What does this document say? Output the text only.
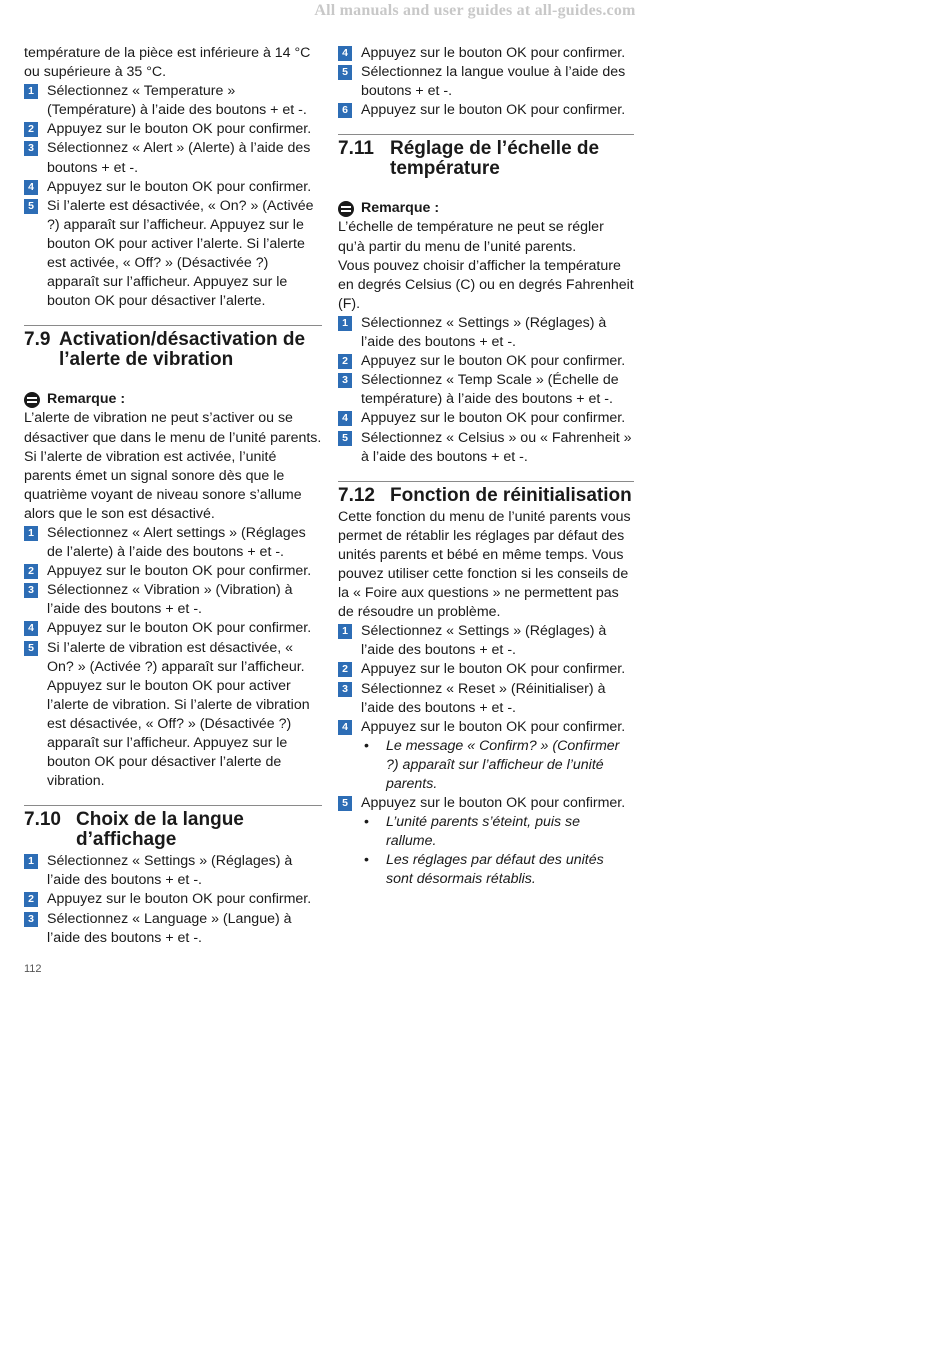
All manuals and user guides at all-guides.com

température de la pièce est inférieure à 14 °C ou supérieure à 35 °C.

1 Sélectionnez « Temperature » (Température) à l’aide des boutons + et -.
2 Appuyez sur le bouton OK pour confirmer.
3 Sélectionnez « Alert » (Alerte) à l’aide des boutons + et -.
4 Appuyez sur le bouton OK pour confirmer.
5 Si l’alerte est désactivée, « On? » (Activée ?) apparaît sur l’afficheur. Appuyez sur le bouton OK pour activer l’alerte. Si l’alerte est activée, « Off? » (Désactivée ?) apparaît sur l’afficheur. Appuyez sur le bouton OK pour désactiver l’alerte.
7.9 Activation/désactivation de l’alerte de vibration
Remarque :

L’alerte de vibration ne peut s’activer ou se désactiver que dans le menu de l’unité parents.

Si l’alerte de vibration est activée, l’unité parents émet un signal sonore dès que le quatrième voyant de niveau sonore s’allume alors que le son est désactivé.

1 Sélectionnez « Alert settings » (Réglages de l’alerte) à l’aide des boutons + et -.
2 Appuyez sur le bouton OK pour confirmer.
3 Sélectionnez « Vibration » (Vibration) à l’aide des boutons + et -.
4 Appuyez sur le bouton OK pour confirmer.
5 Si l’alerte de vibration est désactivée, « On? » (Activée ?) apparaît sur l’afficheur. Appuyez sur le bouton OK pour activer l’alerte de vibration. Si l’alerte de vibration est désactivée, « Off? » (Désactivée ?) apparaît sur l’afficheur. Appuyez sur le bouton OK pour désactiver l’alerte de vibration.
7.10 Choix de la langue d’affichage
1 Sélectionnez « Settings » (Réglages) à l’aide des boutons + et -.
2 Appuyez sur le bouton OK pour confirmer.
3 Sélectionnez « Language » (Langue) à l’aide des boutons + et -.
4 Appuyez sur le bouton OK pour confirmer.
5 Sélectionnez la langue voulue à l’aide des boutons + et -.
6 Appuyez sur le bouton OK pour confirmer.
7.11 Réglage de l’échelle de température
Remarque :

L’échelle de température ne peut se régler qu’à partir du menu de l’unité parents.

Vous pouvez choisir d’afficher la température en degrés Celsius (C) ou en degrés Fahrenheit (F).

1 Sélectionnez « Settings » (Réglages) à l’aide des boutons + et -.
2 Appuyez sur le bouton OK pour confirmer.
3 Sélectionnez « Temp Scale » (Échelle de température) à l’aide des boutons + et -.
4 Appuyez sur le bouton OK pour confirmer.
5 Sélectionnez « Celsius » ou « Fahrenheit » à l’aide des boutons + et -.
7.12 Fonction de réinitialisation

Cette fonction du menu de l’unité parents vous permet de rétablir les réglages par défaut des unités parents et bébé en même temps. Vous pouvez utiliser cette fonction si les conseils de la « Foire aux questions » ne permettent pas de résoudre un problème.

1 Sélectionnez « Settings » (Réglages) à l’aide des boutons + et -.
2 Appuyez sur le bouton OK pour confirmer.
3 Sélectionnez « Reset » (Réinitialiser) à l’aide des boutons + et -.
4 Appuyez sur le bouton OK pour confirmer.
• Le message « Confirm? » (Confirmer ?) apparaît sur l’afficheur de l’unité parents.
5 Appuyez sur le bouton OK pour confirmer.
• L’unité parents s’éteint, puis se rallume.
• Les réglages par défaut des unités sont désormais rétablis.
112
